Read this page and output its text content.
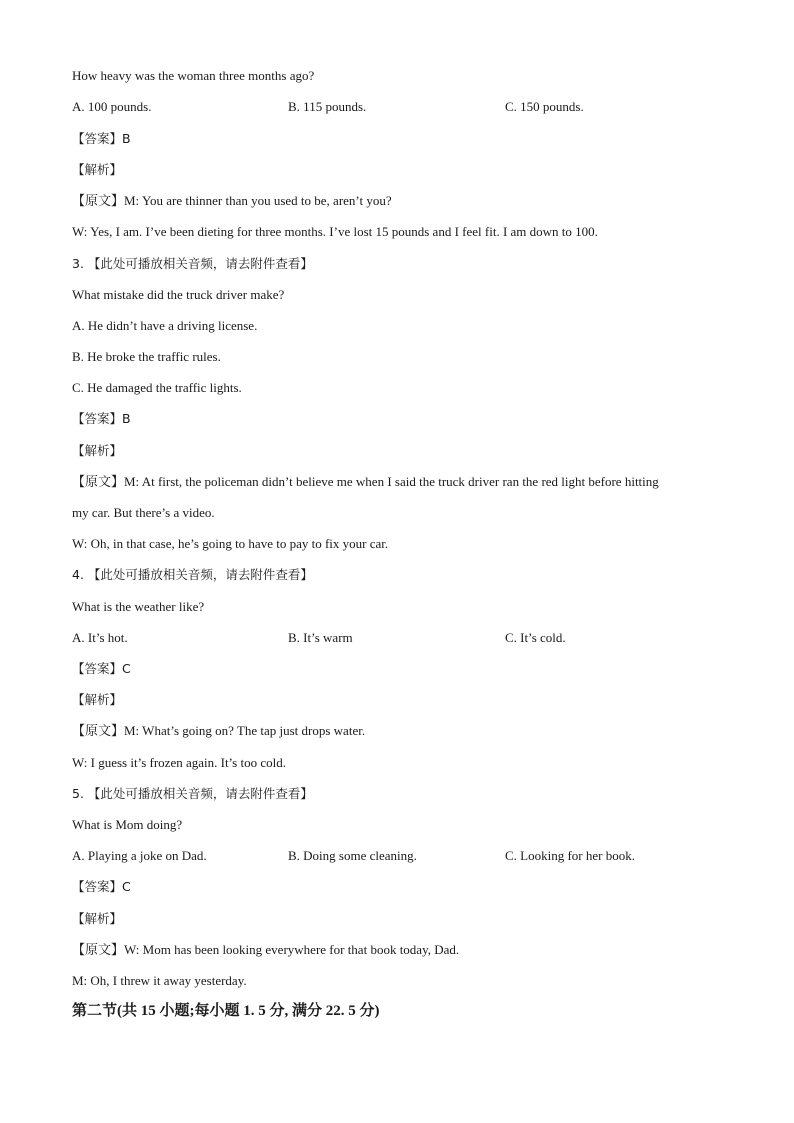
How heavy was the woman three months ago?
A. 100 pounds.	B. 115 pounds.	C. 150 pounds.
【答案】B
【解析】
【原文】M: You are thinner than you used to be, aren’t you?
W: Yes, I am. I’ve been dieting for three months. I’ve lost 15 pounds and I feel fit. I am down to 100.
3. 【此处可播放相关音频，请去附件查看】
What mistake did the truck driver make?
A. He didn’t have a driving license.
B. He broke the traffic rules.
C. He damaged the traffic lights.
【答案】B
【解析】
【原文】M: At first, the policeman didn’t believe me when I said the truck driver ran the red light before hitting
my car. But there’s a video.
W: Oh, in that case, he’s going to have to pay to fix your car.
4. 【此处可播放相关音频，请去附件查看】
What is the weather like?
A. It’s hot.	B. It’s warm	C. It’s cold.
【答案】C
【解析】
【原文】M: What’s going on? The tap just drops water.
W: I guess it’s frozen again. It’s too cold.
5. 【此处可播放相关音频，请去附件查看】
What is Mom doing?
A. Playing a joke on Dad.	B. Doing some cleaning.	C. Looking for her book.
【答案】C
【解析】
【原文】W: Mom has been looking everywhere for that book today, Dad.
M: Oh, I threw it away yesterday.
第二节(共 15 小题;每小题 1. 5 分, 满分 22. 5 分)
